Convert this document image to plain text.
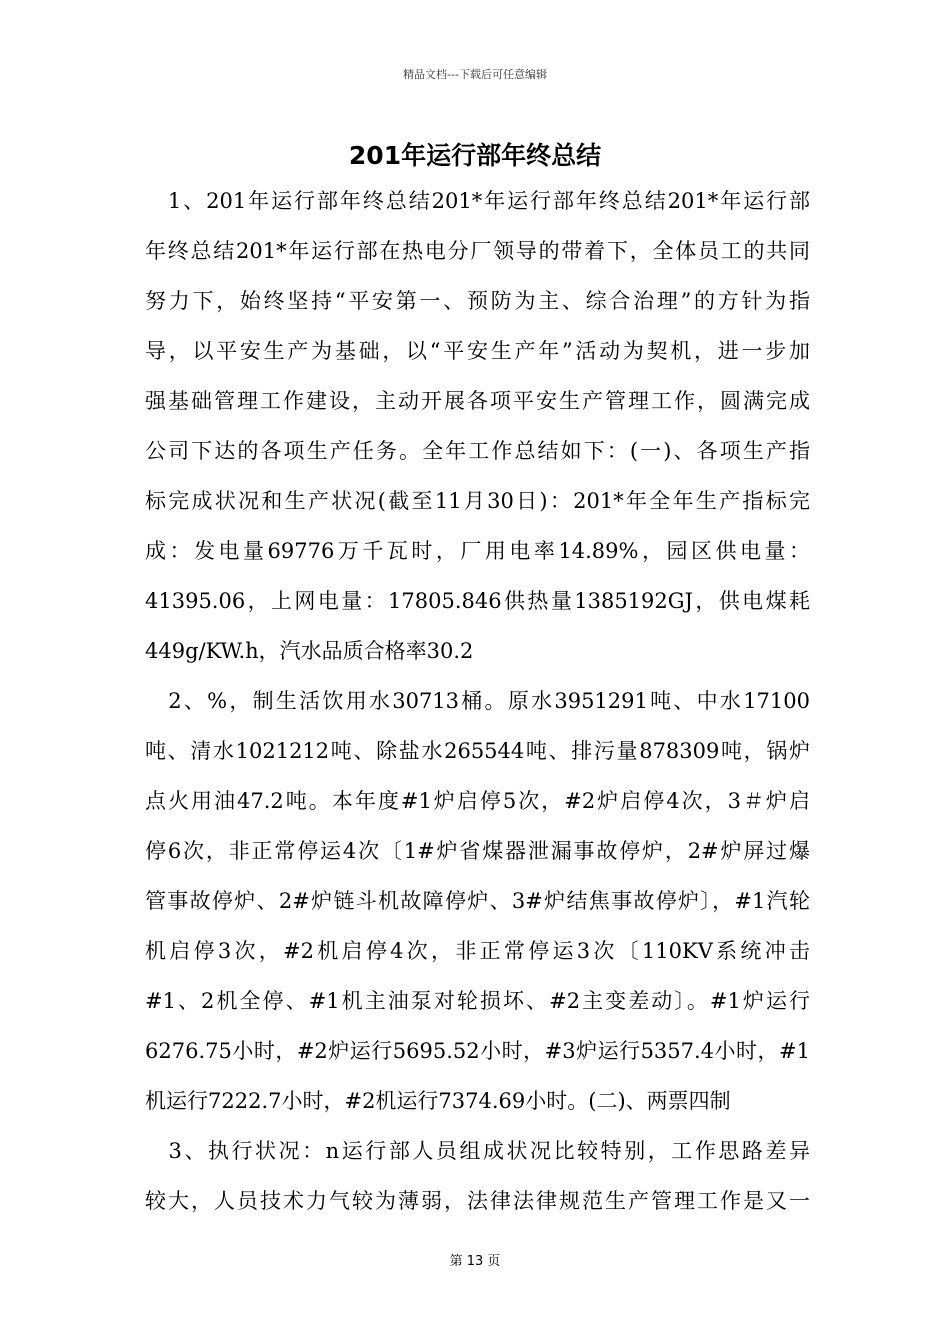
精品文档---下载后可任意编辑
201年运行部年终总结
　1、201年运行部年终总结201*年运行部年终总结201*年运行部
年终总结201*年运行部在热电分厂领导的带着下，全体员工的共同
努力下，始终坚持“平安第一、预防为主、综合治理”的方针为指
导，以平安生产为基础，以“平安生产年”活动为契机，进一步加
强基础管理工作建设，主动开展各项平安生产管理工作，圆满完成
公司下达的各项生产任务。全年工作总结如下：(一)、各项生产指
标完成状况和生产状况(截至11月30日)：201*年全年生产指标完
成：发电量69776万千瓦时，厂用电率14.89%，园区供电量：
41395.06，上网电量：17805.846供热量1385192GJ，供电煤耗
449g/KW.h，汽水品质合格率30.2
　2、%，制生活饮用水30713桶。原水3951291吨、中水17100
吨、清水1021212吨、除盐水265544吨、排污量878309吨，锅炉
点火用油47.2吨。本年度#1炉启停5次，#2炉启停4次，3＃炉启
停6次，非正常停运4次〔1#炉省煤器泄漏事故停炉，2#炉屏过爆
管事故停炉、2#炉链斗机故障停炉、3#炉结焦事故停炉〕，#1汽轮
机启停3次，#2机启停4次，非正常停运3次〔110KV系统冲击
#1、2机全停、#1机主油泵对轮损坏、#2主变差动〕。#1炉运行
6276.75小时，#2炉运行5695.52小时，#3炉运行5357.4小时，#1
机运行7222.7小时，#2机运行7374.69小时。(二)、两票四制
　3、执行状况：n运行部人员组成状况比较特别，工作思路差异
较大，人员技术力气较为薄弱，法律法律规范生产管理工作是又一
第 13 页
